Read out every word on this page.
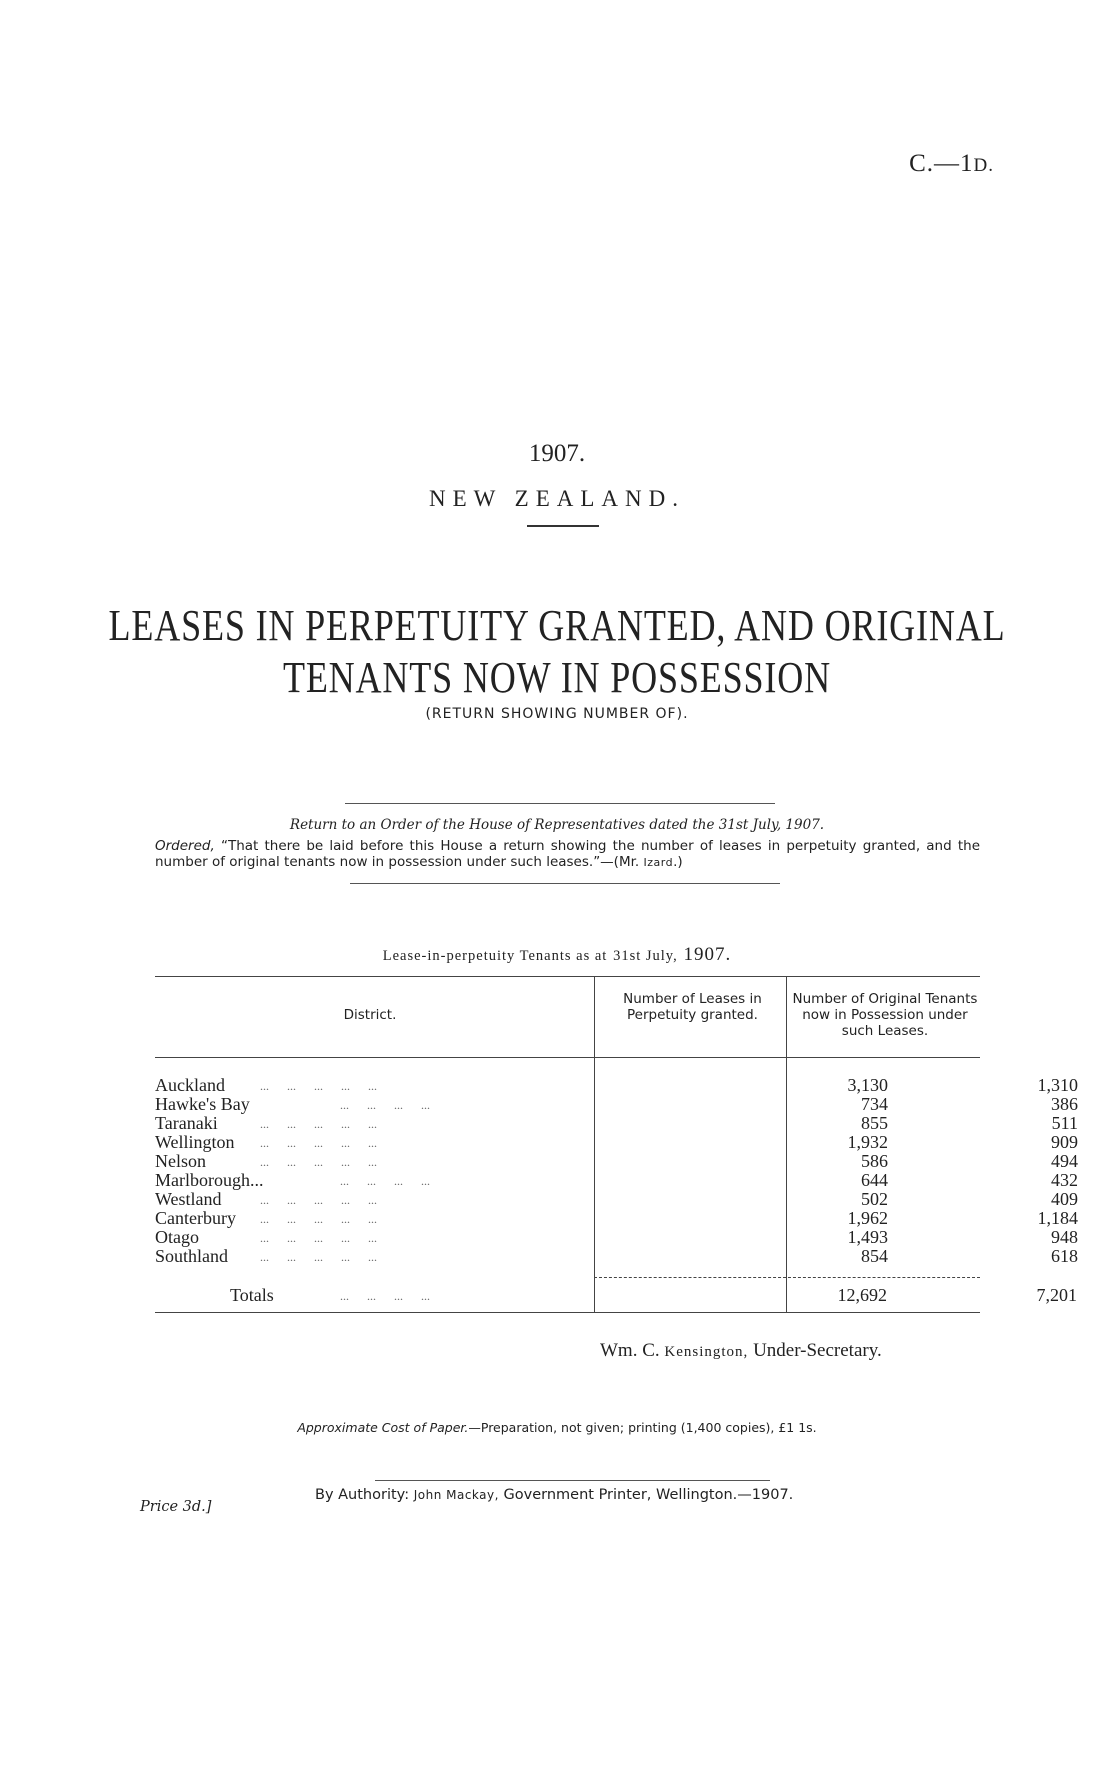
C.—1D.
1907.
NEW ZEALAND.
LEASES IN PERPETUITY GRANTED, AND ORIGINAL
TENANTS NOW IN POSSESSION
(RETURN SHOWING NUMBER OF).
Return to an Order of the House of Representatives dated the 31st July, 1907.
Ordered, “That there be laid before this House a return showing the number of leases in perpetuity granted, and the number of original tenants now in possession under such leases.”—(Mr. Izard.)
Lease-in-perpetuity Tenants as at 31st July, 1907.
District.
Number of Leases in Perpetuity granted.
Number of Original Tenants now in Possession under such Leases.
Auckland	...      ...      ...      ...      ...	3,130	1,310
Hawke's Bay	...      ...      ...      ...	734	386
Taranaki	...      ...      ...      ...      ...	855	511
Wellington ...      ...      ...      ...      ...	1,932	909
Nelson	...      ...      ...      ...      ...	586	494
Marlborough...	...      ...      ...      ...	644	432
Westland	...      ...      ...      ...      ...	502	409
Canterbury ...      ...      ...      ...      ...	1,962	1,184
Otago	...      ...      ...      ...      ...	1,493	948
Southland	...      ...      ...      ...      ...	854	618
Totals	...      ...      ...      ...	12,692	7,201
Wm. C. Kensington, Under-Secretary.
Approximate Cost of Paper.—Preparation, not given; printing (1,400 copies), £1 1s.
By Authority: John Mackay, Government Printer, Wellington.—1907.
Price 3d.]
